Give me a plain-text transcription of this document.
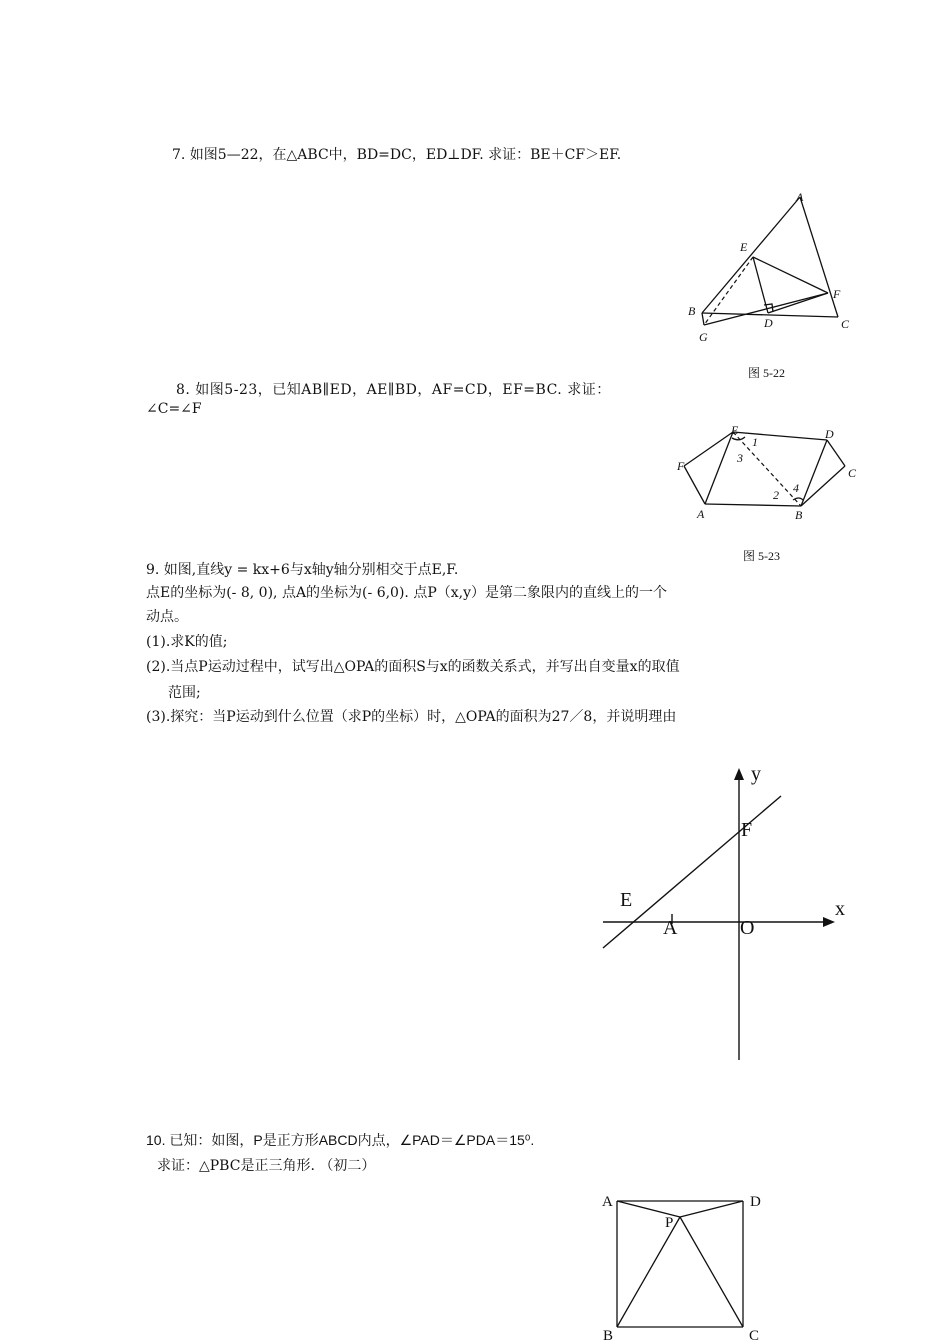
7. 如图5—22，在△ABC中，BD=DC，ED⊥DF. 求证：BE＋CF＞EF.
A
E
F
B
D	C
G
图 5-22
8. 如图5-23，已知AB∥ED，AE∥BD，AF=CD，EF=BC. 求证：
∠C=∠F
E	D
F	C
A	B
1
3
2 4
图 5-23
9. 如图,直线y = kx+6与x轴y轴分别相交于点E,F.
点E的坐标为(- 8, 0), 点A的坐标为(- 6,0). 点P（x,y）是第二象限内的直线上的一个
动点。
(1).求K的值;
(2).当点P运动过程中，试写出△OPA的面积S与x的函数关系式，并写出自变量x的取值
范围;
(3).探究：当P运动到什么位置（求P的坐标）时，△OPA的面积为27／8，并说明理由
y
x
F
E
A	O
10. 已知：如图，P是正方形ABCD内点，∠PAD＝∠PDA＝15⁰.
求证：△PBC是正三角形. （初二）
A	D
P
B	C
